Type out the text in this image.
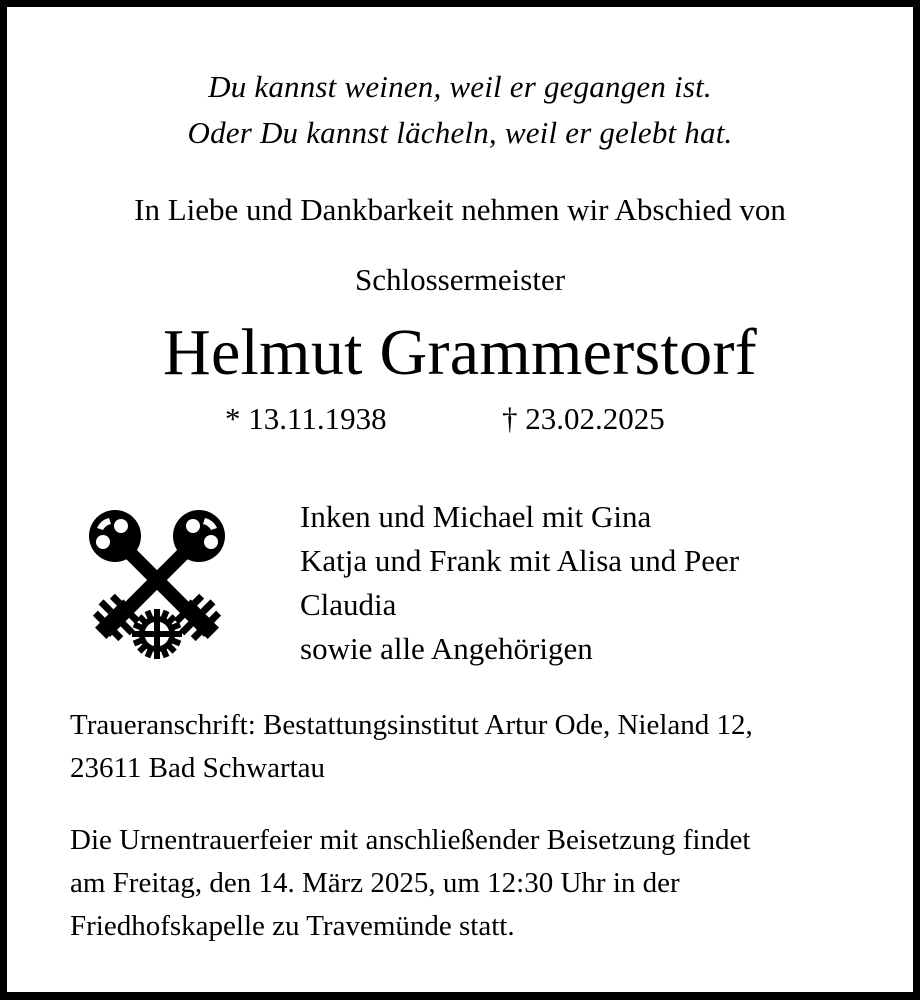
Du kannst weinen, weil er gegangen ist.
Oder Du kannst lächeln, weil er gelebt hat.
In Liebe und Dankbarkeit nehmen wir Abschied von
Schlossermeister
Helmut Grammerstorf
* 13.11.1938	† 23.02.2025
Inken und Michael mit Gina
Katja und Frank mit Alisa und Peer
Claudia
sowie alle Angehörigen
Traueranschrift: Bestattungsinstitut Artur Ode, Nieland 12,
23611 Bad Schwartau
Die Urnentrauerfeier mit anschließender Beisetzung findet
am Freitag, den 14. März 2025, um 12:30 Uhr in der
Friedhofskapelle zu Travemünde statt.
